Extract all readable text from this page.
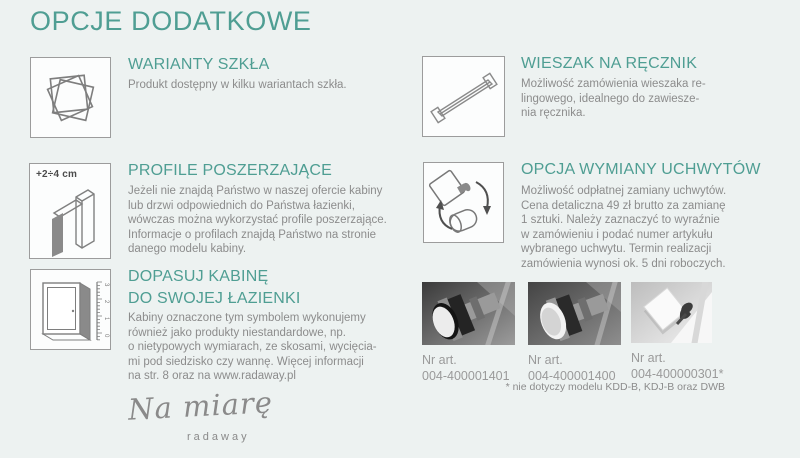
OPCJE DODATKOWE
WARIANTY SZKŁA
Produkt dostępny w kilku wariantach szkła.
+2÷4 cm	PROFILE POSZERZAJĄCE
Jeżeli nie znajdą Państwo w naszej ofercie kabiny
lub drzwi odpowiednich do Państwa łazienki,
wówczas można wykorzystać profile poszerzające.
Informacje o profilach znajdą Państwo na stronie
danego modelu kabiny.
3
2
1
0
DOPASUJ KABINĘ
DO SWOJEJ ŁAZIENKI
Kabiny oznaczone tym symbolem wykonujemy
również jako produkty niestandardowe, np.
o nietypowych wymiarach, ze skosami, wycięcia-
mi pod siedzisko czy wannę. Więcej informacji
na str. 8 oraz na www.radaway.pl
Na miarę
radaway
WIESZAK NA RĘCZNIK
Możliwość zamówienia wieszaka re-
lingowego, idealnego do zawiesze-
nia ręcznika.
OPCJA WYMIANY UCHWYTÓW
Możliwość odpłatnej zamiany uchwytów.
Cena detaliczna 49 zł brutto za zamianę
1 sztuki. Należy zaznaczyć to wyraźnie
w zamówieniu i podać numer artykułu
wybranego uchwytu. Termin realizacji
zamówienia wynosi ok. 5 dni roboczych.
Nr art.
004-400001401
Nr art.
004-400001400
Nr art.
004-400000301*
* nie dotyczy modelu KDD-B, KDJ-B oraz DWB
